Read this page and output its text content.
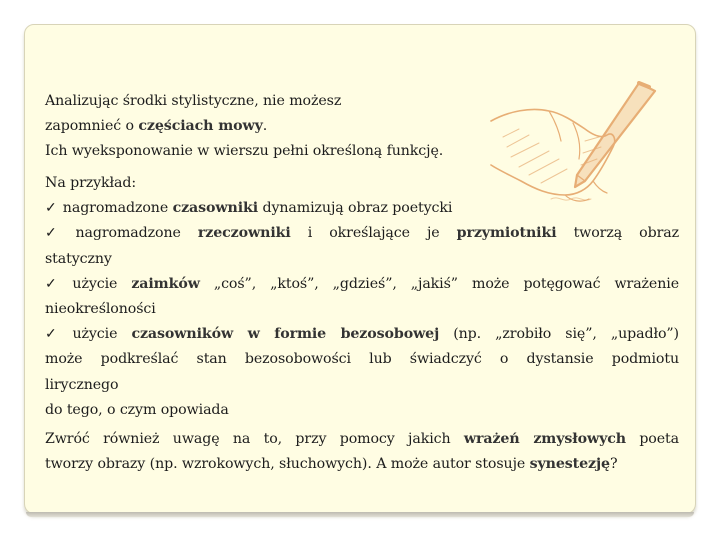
Analizując środki stylistyczne, nie możesz
zapomnieć o częściach mowy.
Ich wyeksponowanie w wierszu pełni określoną funkcję.
Na przykład:
✓ nagromadzone czasowniki dynamizują obraz poetycki
✓ nagromadzone rzeczowniki i określające je przymiotniki tworzą obraz
statyczny
✓ użycie zaimków „coś”, „ktoś”, „gdzieś”, „jakiś” może potęgować wrażenie
nieokreśloności
✓ użycie czasowników w formie bezosobowej (np. „zrobiło się”, „upadło”)
może podkreślać stan bezosobowości lub świadczyć o dystansie podmiotu
lirycznego
do tego, o czym opowiada
Zwróć również uwagę na to, przy pomocy jakich wrażeń zmysłowych poeta
tworzy obrazy (np. wzrokowych, słuchowych). A może autor stosuje synestezję?
